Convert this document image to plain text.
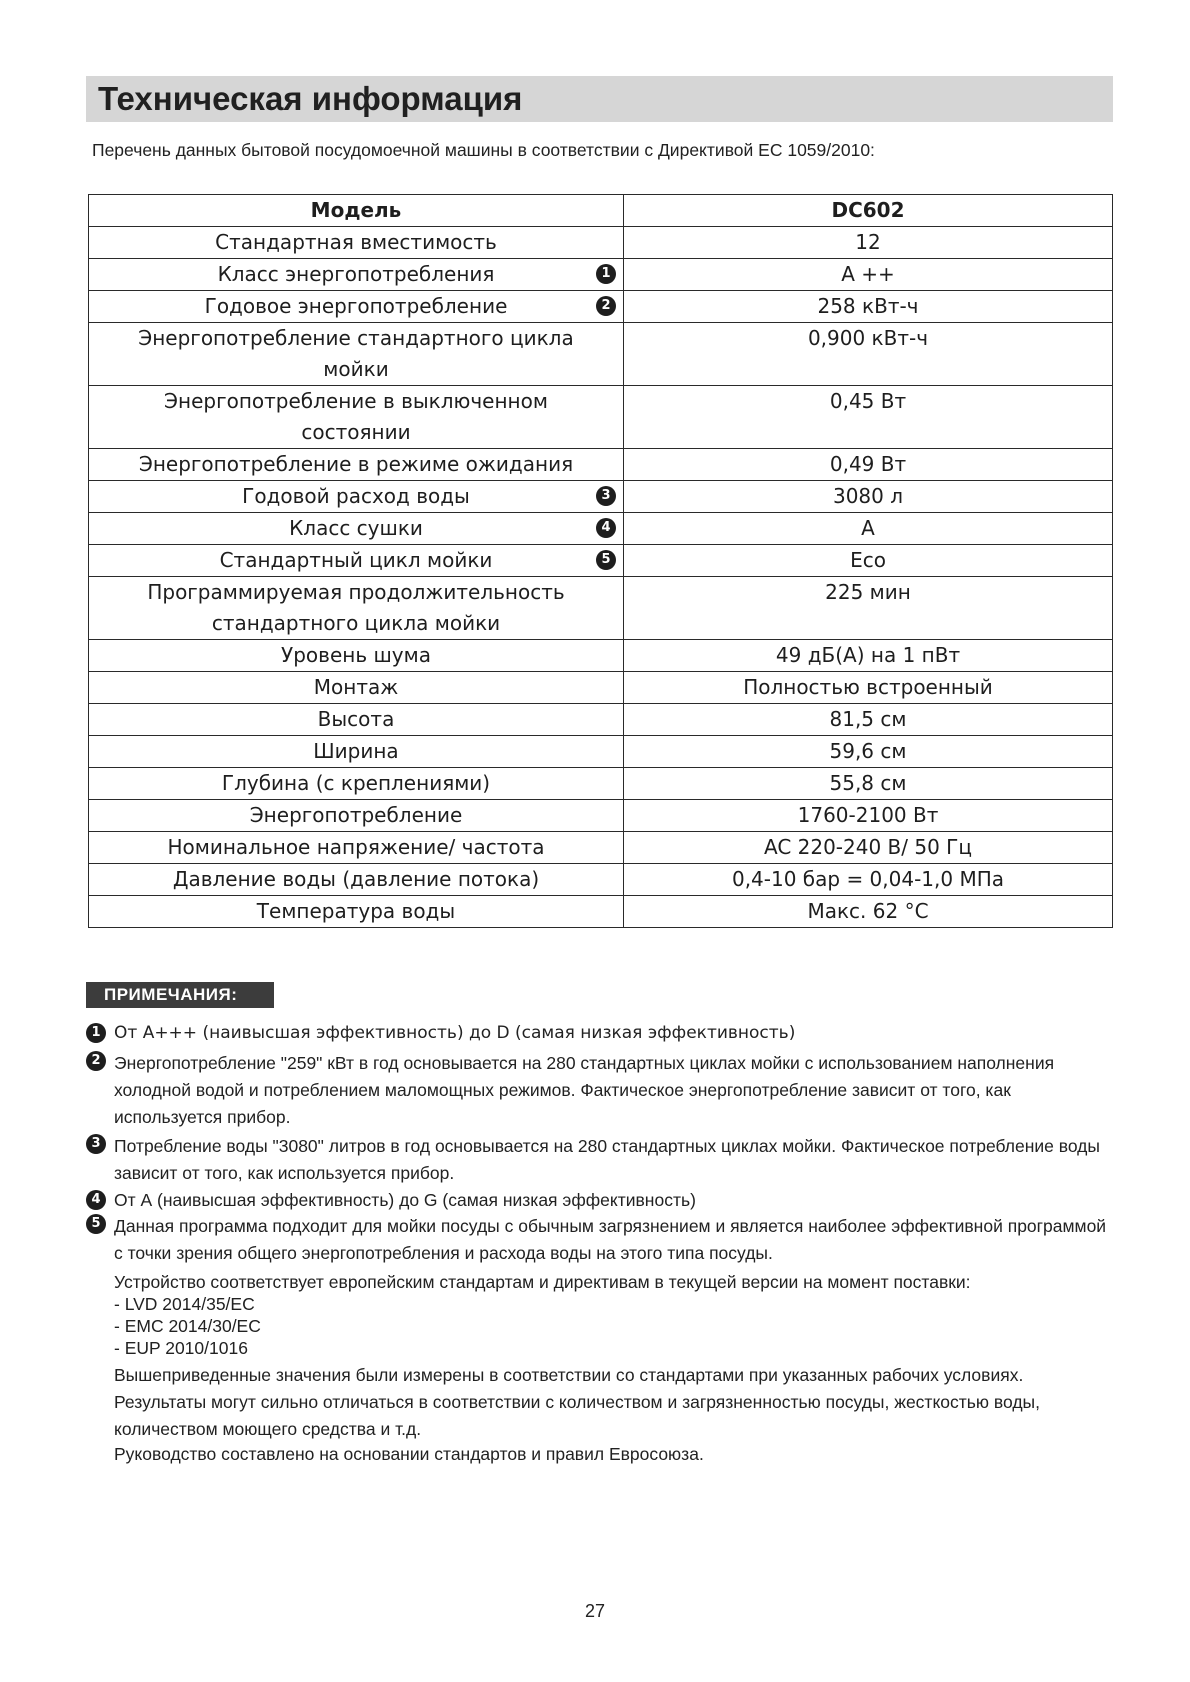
Техническая информация
Перечень данных бытовой посудомоечной машины в соответствии с Директивой ЕС 1059/2010:
Модель	DC602
Стандартная вместимость	12
Класс энергопотребления 1	A ++
Годовое энергопотребление 2	258 кВт-ч
Энергопотребление стандартного цикла мойки	0,900 кВт-ч
Энергопотребление в выключенном состоянии	0,45 Вт
Энергопотребление в режиме ожидания	0,49 Вт
Годовой расход воды 3	3080 л
Класс сушки 4	A
Стандартный цикл мойки 5	Eco
Программируемая продолжительность стандартного цикла мойки	225 мин
Уровень шума	49 дБ(A) на 1 пВт
Монтаж	Полностью встроенный
Высота	81,5 см
Ширина	59,6 см
Глубина (с креплениями)	55,8 см
Энергопотребление	1760-2100 Вт
Номинальное напряжение/ частота	AC 220-240 В/ 50 Гц
Давление воды (давление потока)	0,4-10 бар = 0,04-1,0 МПа
Температура воды	Макс. 62 °C
ПРИМЕЧАНИЯ:
1 От А+++ (наивысшая эффективность) до D (самая низкая эффективность)

2 Энергопотребление "259" кВт в год основывается на 280 стандартных циклах мойки с использованием наполнения холодной водой и потреблением маломощных режимов. Фактическое энергопотребление зависит от того, как используется прибор.

3 Потребление воды "3080" литров в год основывается на 280 стандартных циклах мойки. Фактическое потребление воды зависит от того, как используется прибор.

4 От А (наивысшая эффективность) до G (самая низкая эффективность)

5 Данная программа подходит для мойки посуды с обычным загрязнением и является наиболее эффективной программой с точки зрения общего энергопотребления и расхода воды на этого типа посуды.

Устройство соответствует европейским стандартам и директивам в текущей версии на момент поставки:

- LVD 2014/35/EC
- EMC 2014/30/EC
- EUP 2010/1016

Вышеприведенные значения были измерены в соответствии со стандартами при указанных рабочих условиях. Результаты могут сильно отличаться в соответствии с количеством и загрязненностью посуды, жесткостью воды, количеством моющего средства и т.д.

Руководство составлено на основании стандартов и правил Евросоюза.

27
